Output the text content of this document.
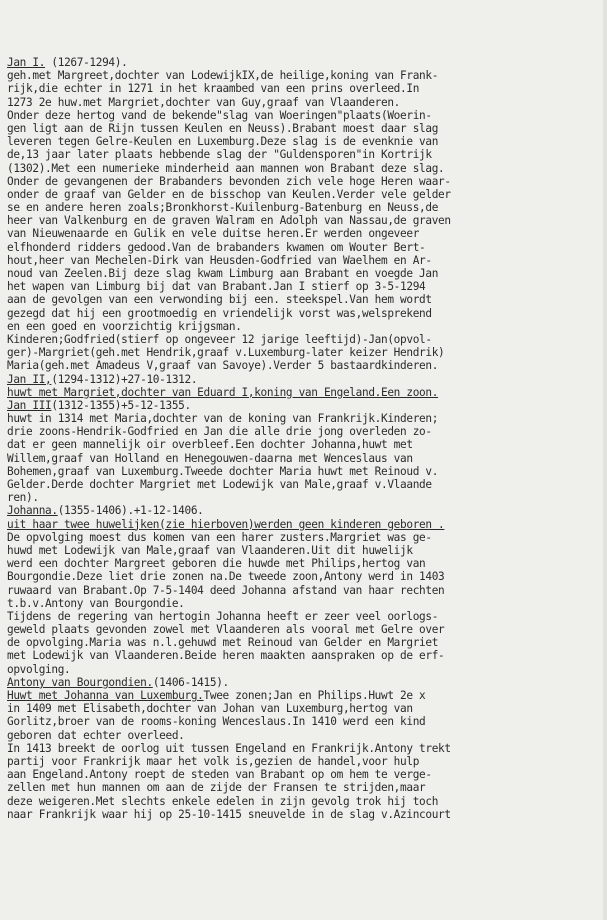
Jan I. (1267-1294).
geh.met Margreet,dochter van LodewijkIX,de heilige,koning van Frank-
rijk,die echter in 1271 in het kraambed van een prins overleed.In
1273 2e huw.met Margriet,dochter van Guy,graaf van Vlaanderen.
Onder deze hertog vand de bekende"slag van Woeringen"plaats(Woerin-
gen ligt aan de Rijn tussen Keulen en Neuss).Brabant moest daar slag
leveren tegen Gelre-Keulen en Luxemburg.Deze slag is de evenknie van
de,13 jaar later plaats hebbende slag der "Guldensporen"in Kortrijk
(1302).Met een numerieke minderheid aan mannen won Brabant deze slag.
Onder de gevangenen der Brabanders bevonden zich vele hoge Heren waar-
onder de graaf van Gelder en de bisschop van Keulen.Verder vele gelder
se en andere heren zoals;Bronkhorst-Kuilenburg-Batenburg en Neuss,de
heer van Valkenburg en de graven Walram en Adolph van Nassau,de graven
van Nieuwenaarde en Gulik en vele duitse heren.Er werden ongeveer
elfhonderd ridders gedood.Van de brabanders kwamen om Wouter Bert-
hout,heer van Mechelen-Dirk van Heusden-Godfried van Waelhem en Ar-
noud van Zeelen.Bij deze slag kwam Limburg aan Brabant en voegde Jan
het wapen van Limburg bij dat van Brabant.Jan I stierf op 3-5-1294
aan de gevolgen van een verwonding bij een. steekspel.Van hem wordt
gezegd dat hij een grootmoedig en vriendelijk vorst was,welsprekend
en een goed en voorzichtig krijgsman.
Kinderen;Godfried(stierf op ongeveer 12 jarige leeftijd)-Jan(opvol-
ger)-Margriet(geh.met Hendrik,graaf v.Luxemburg-later keizer Hendrik)
Maria(geh.met Amadeus V,graaf van Savoye).Verder 5 bastaardkinderen.
Jan II,(1294-1312)+27-10-1312.
huwt met Margriet,dochter van Eduard I,koning van Engeland.Een zoon.
Jan III(1312-1355)+5-12-1355.
huwt in 1314 met Maria,dochter van de koning van Frankrijk.Kinderen;
drie zoons-Hendrik-Godfried en Jan die alle drie jong overleden zo-
dat er geen mannelijk oir overbleef.Een dochter Johanna,huwt met
Willem,graaf van Holland en Henegouwen-daarna met Wenceslaus van
Bohemen,graaf van Luxemburg.Tweede dochter Maria huwt met Reinoud v.
Gelder.Derde dochter Margriet met Lodewijk van Male,graaf v.Vlaande
ren).
Johanna.(1355-1406).+1-12-1406.
uit haar twee huwelijken(zie hierboven)werden geen kinderen geboren .
De opvolging moest dus komen van een harer zusters.Margriet was ge-
huwd met Lodewijk van Male,graaf van Vlaanderen.Uit dit huwelijk
werd een dochter Margreet geboren die huwde met Philips,hertog van
Bourgondie.Deze liet drie zonen na.De tweede zoon,Antony werd in 1403
ruwaard van Brabant.Op 7-5-1404 deed Johanna afstand van haar rechten
t.b.v.Antony van Bourgondie.
Tijdens de regering van hertogin Johanna heeft er zeer veel oorlogs-
geweld plaats gevonden zowel met Vlaanderen als vooral met Gelre over
de opvolging.Maria was n.l.gehuwd met Reinoud van Gelder en Margriet
met Lodewijk van Vlaanderen.Beide heren maakten aanspraken op de erf-
opvolging.
Antony van Bourgondien.(1406-1415).
Huwt met Johanna van Luxemburg.Twee zonen;Jan en Philips.Huwt 2e x
in 1409 met Elisabeth,dochter van Johan van Luxemburg,hertog van
Gorlitz,broer van de rooms-koning Wenceslaus.In 1410 werd een kind
geboren dat echter overleed.
In 1413 breekt de oorlog uit tussen Engeland en Frankrijk.Antony trekt
partij voor Frankrijk maar het volk is,gezien de handel,voor hulp
aan Engeland.Antony roept de steden van Brabant op om hem te verge-
zellen met hun mannen om aan de zijde der Fransen te strijden,maar
deze weigeren.Met slechts enkele edelen in zijn gevolg trok hij toch
naar Frankrijk waar hij op 25-10-1415 sneuvelde in de slag v.Azincourt
